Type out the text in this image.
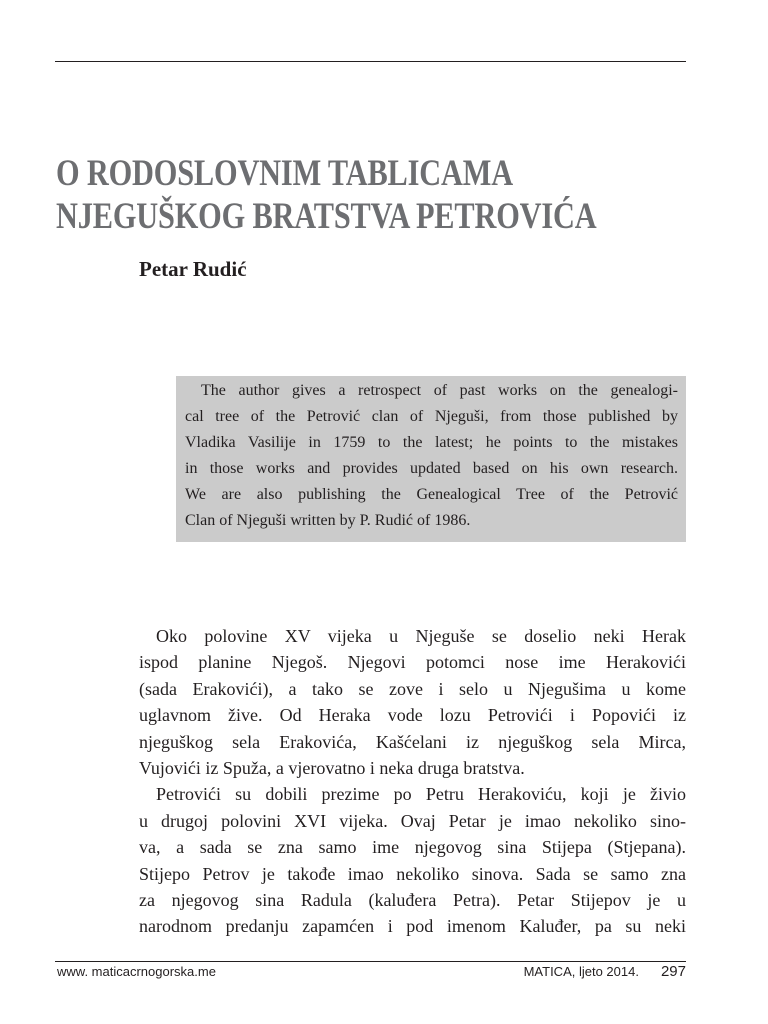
O RODOSLOVNIM TABLICAMA
NJEGUŠKOG BRATSTVA PETROVIĆA

Petar Rudić

The author gives a retrospect of past works on the genealogi-
cal tree of the Petrović clan of Njeguši, from those published by
Vladika Vasilije in 1759 to the latest; he points to the mistakes
in those works and provides updated based on his own research.
We are also publishing the Genealogical Tree of the Petrović
Clan of Njeguši written by P. Rudić of 1986.
Oko polovine XV vijeka u Njeguše se doselio neki Herak
ispod planine Njegoš. Njegovi potomci nose ime Herakovići
(sada Erakovići), a tako se zove i selo u Njegušima u kome
uglavnom žive. Od Heraka vode lozu Petrovići i Popovići iz
njeguškog sela Erakovića, Kašćelani iz njeguškog sela Mirca,
Vujovići iz Spuža, a vjerovatno i neka druga bratstva.
Petrovići su dobili prezime po Petru Herakoviću, koji je živio
u drugoj polovini XVI vijeka. Ovaj Petar je imao nekoliko sino-
va, a sada se zna samo ime njegovog sina Stijepa (Stjepana).
Stijepo Petrov je takođe imao nekoliko sinova. Sada se samo zna
za njegovog sina Radula (kaluđera Petra). Petar Stijepov je u
narodnom predanju zapamćen i pod imenom Kaluđer, pa su neki
www. maticacrnogorska.me	MATICA, ljeto 2014. 297
